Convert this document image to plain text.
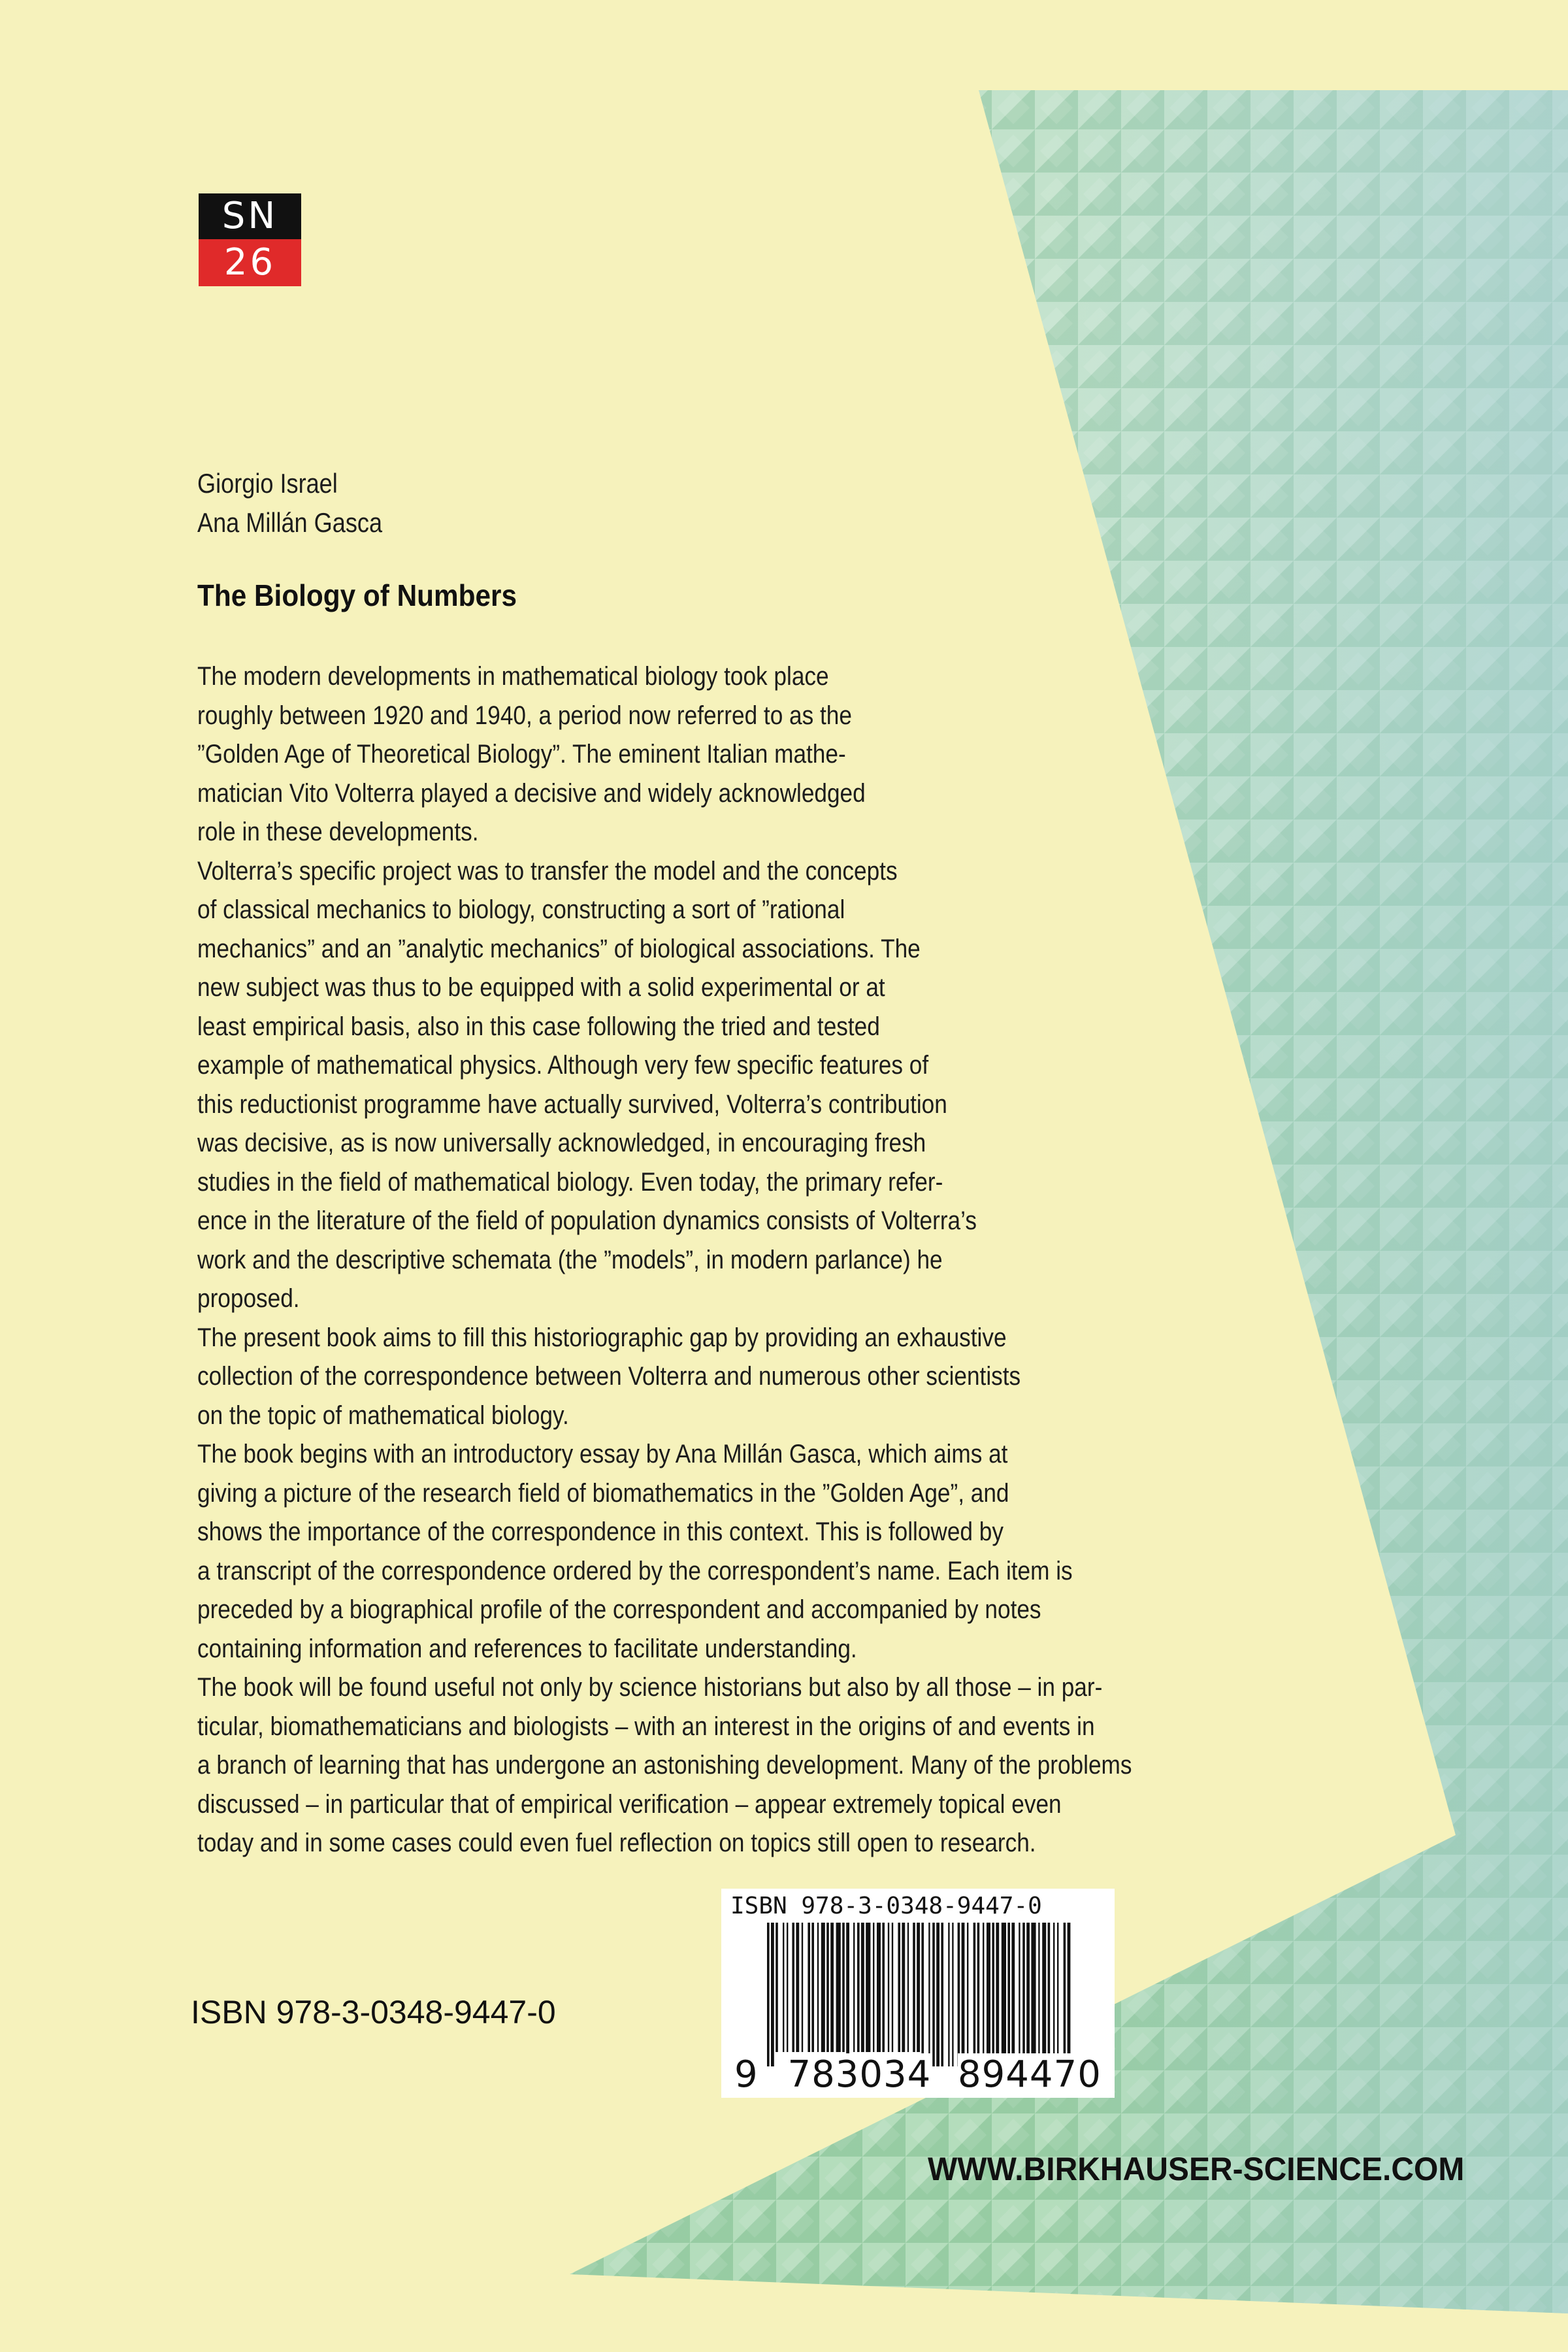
SN
26
Giorgio Israel
Ana Millán Gasca
The Biology of Numbers
The modern developments in mathematical biology took place
roughly between 1920 and 1940, a period now referred to as the
”Golden Age of Theoretical Biology”. The eminent Italian mathe-
matician Vito Volterra played a decisive and widely acknowledged
role in these developments.
Volterra’s specific project was to transfer the model and the concepts
of classical mechanics to biology, constructing a sort of ”rational
mechanics” and an ”analytic mechanics” of biological associations. The
new subject was thus to be equipped with a solid experimental or at
least empirical basis, also in this case following the tried and tested
example of mathematical physics. Although very few specific features of
this reductionist programme have actually survived, Volterra’s contribution
was decisive, as is now universally acknowledged, in encouraging fresh
studies in the field of mathematical biology. Even today, the primary refer-
ence in the literature of the field of population dynamics consists of Volterra’s
work and the descriptive schemata (the ”models”, in modern parlance) he
proposed.
The present book aims to fill this historiographic gap by providing an exhaustive
collection of the correspondence between Volterra and numerous other scientists
on the topic of mathematical biology.
The book begins with an introductory essay by Ana Millán Gasca, which aims at
giving a picture of the research field of biomathematics in the ”Golden Age”, and
shows the importance of the correspondence in this context. This is followed by
a transcript of the correspondence ordered by the correspondent’s name. Each item is
preceded by a biographical profile of the correspondent and accompanied by notes
containing information and references to facilitate understanding.
The book will be found useful not only by science historians but also by all those – in par-
ticular, biomathematicians and biologists – with an interest in the origins of and events in
a branch of learning that has undergone an astonishing development. Many of the problems
discussed – in particular that of empirical verification – appear extremely topical even
today and in some cases could even fuel reflection on topics still open to research.
ISBN 978-3-0348-9447-0
ISBN 978-3-0348-9447-0
9 783034 894470
WWW.BIRKHAUSER-SCIENCE.COM
